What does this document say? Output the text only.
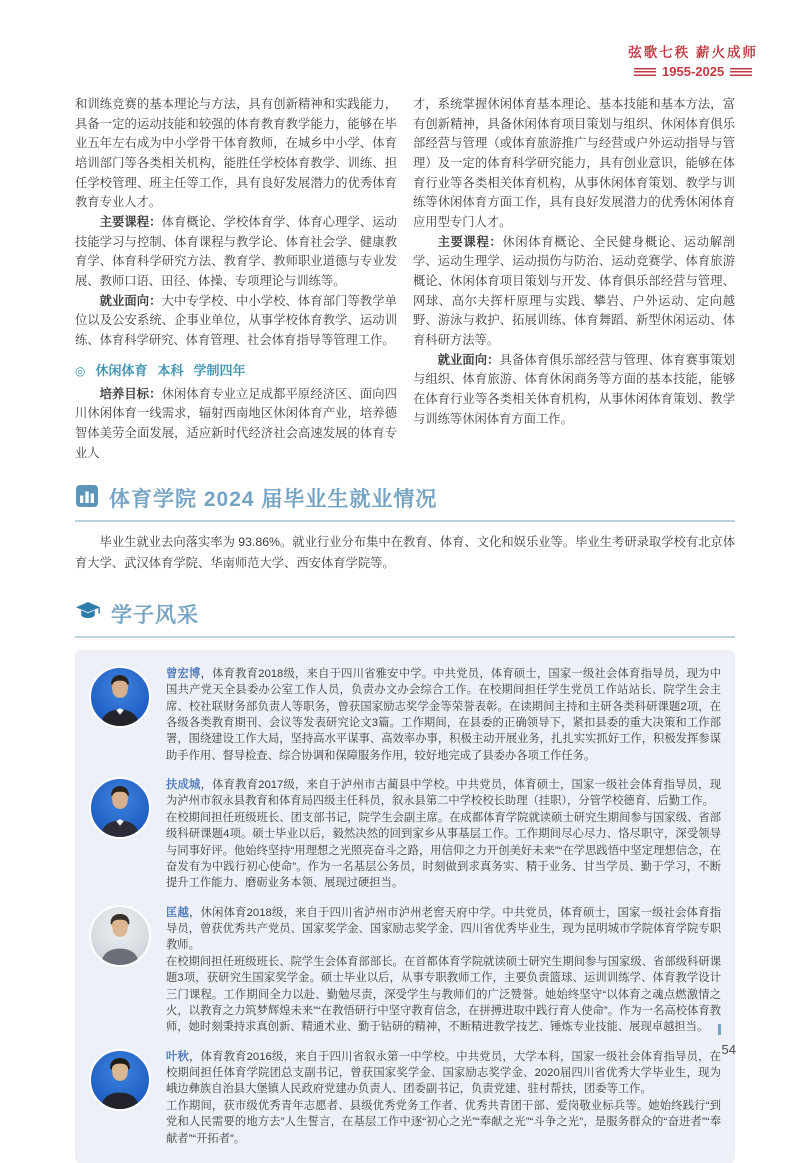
弦歌七秩 薪火成师
1955-2025

和训练竞赛的基本理论与方法，具有创新精神和实践能力，具备一定的运动技能和较强的体育教育教学能力，能够在毕业五年左右成为中小学骨干体育教师，在城乡中小学、体育培训部门等各类相关机构，能胜任学校体育教学、训练、担任学校管理、班主任等工作，具有良好发展潜力的优秀体育教育专业人才。

主要课程：体育概论、学校体育学、体育心理学、运动技能学习与控制、体育课程与教学论、体育社会学、健康教育学、体育科学研究方法、教育学、教师职业道德与专业发展、教师口语、田径、体操、专项理论与训练等。

就业面向：大中专学校、中小学校、体育部门等教学单位以及公安系统、企事业单位，从事学校体育教学、运动训练、体育科学研究、体育管理、社会体育指导等管理工作。

◎ 休闲体育 本科 学制四年

培养目标：休闲体育专业立足成都平原经济区、面向四川休闲体育一线需求，辐射西南地区休闲体育产业，培养德智体美劳全面发展，适应新时代经济社会高速发展的体育专业人

才，系统掌握休闲体育基本理论、基本技能和基本方法，富有创新精神，具备休闲体育项目策划与组织、休闲体育俱乐部经营与管理（或体育旅游推广与经营或户外运动指导与管理）及一定的体育科学研究能力，具有创业意识，能够在体育行业等各类相关体育机构，从事休闲体育策划、教学与训练等休闲体育方面工作，具有良好发展潜力的优秀休闲体育应用型专门人才。

主要课程：休闲体育概论、全民健身概论、运动解剖学、运动生理学、运动损伤与防治、运动竞赛学、体育旅游概论、休闲体育项目策划与开发、体育俱乐部经营与管理、网球、高尔夫挥杆原理与实践、攀岩、户外运动、定向越野、游泳与救护、拓展训练、体育舞蹈、新型休闲运动、体育科研方法等。

就业面向：具备体育俱乐部经营与管理、体育赛事策划与组织、体育旅游、体育休闲商务等方面的基本技能，能够在体育行业等各类相关体育机构，从事休闲体育策划、教学与训练等休闲体育方面工作。

体育学院 2024 届毕业生就业情况

毕业生就业去向落实率为 93.86%。就业行业分布集中在教育、体育、文化和娱乐业等。毕业生考研录取学校有北京体育大学、武汉体育学院、华南师范大学、西安体育学院等。

学子风采

曾宏博，体育教育2018级，来自于四川省雅安中学。中共党员，体育硕士，国家一级社会体育指导员，现为中国共产党天全县委办公室工作人员，负责办文办会综合工作。在校期间担任学生党员工作站站长、院学生会主席、校社联财务部负责人等职务，曾获国家励志奖学金等荣誉表彰。在读期间主持和主研各类科研课题2项，在各级各类教育期刊、会议等发表研究论文3篇。工作期间，在县委的正确领导下，紧扣县委的重大决策和工作部署，围绕建设工作大局，坚持高水平谋事、高效率办事，积极主动开展业务，扎扎实实抓好工作，积极发挥参谋助手作用、督导检查、综合协调和保障服务作用，较好地完成了县委办各项工作任务。

扶成城，体育教育2017级，来自于泸州市古蔺县中学校。中共党员，体育硕士，国家一级社会体育指导员，现为泸州市叙永县教育和体育局四级主任科员，叙永县第二中学校校长助理（挂职），分管学校德育、后勤工作。

在校期间担任班级班长、团支部书记，院学生会副主席。在成都体育学院就读硕士研究生期间参与国家级、省部级科研课题4项。硕士毕业以后，毅然决然的回到家乡从事基层工作。工作期间尽心尽力、恪尽职守，深受领导与同事好评。他始终坚持“用理想之光照亮奋斗之路，用信仰之力开创美好未来”“在学思践悟中坚定理想信念，在奋发有为中践行初心使命”。作为一名基层公务员，时刻做到求真务实、精于业务、甘当学员、勤于学习，不断提升工作能力、磨砺业务本领、展现过硬担当。

匡越，休闲体育2018级，来自于四川省泸州市泸州老窖天府中学。中共党员，体育硕士，国家一级社会体育指导员，曾获优秀共产党员、国家奖学金、国家励志奖学金、四川省优秀毕业生，现为昆明城市学院体育学院专职教师。

在校期间担任班级班长、院学生会体育部部长。在首都体育学院就读硕士研究生期间参与国家级、省部级科研课题3项，获研究生国家奖学金。硕士毕业以后，从事专职教师工作，主要负责篮球、运训训练学、体育教学设计三门课程。工作期间全力以赴、勤勉尽责，深受学生与教师们的广泛赞誉。她始终坚守“以体育之魂点燃激情之火，以教育之力筑梦辉煌未来”“在教悟研行中坚守教育信念，在拼搏进取中践行育人使命”。作为一名高校体育教师，她时刻秉持求真创新、精通术业、勤于钻研的精神，不断精进教学技艺、锤炼专业技能、展现卓越担当。

叶秋，体育教育2016级，来自于四川省叙永第一中学校。中共党员，大学本科，国家一级社会体育指导员，在校期间担任体育学院团总支副书记，曾获国家奖学金、国家励志奖学金、2020届四川省优秀大学毕业生，现为峨边彝族自治县大堡镇人民政府党建办负责人、团委副书记，负责党建、驻村帮扶，团委等工作。

工作期间，获市级优秀青年志愿者、县级优秀党务工作者、优秀共青团干部、爱岗敬业标兵等。她始终践行“到党和人民需要的地方去”人生誓言，在基层工作中逐“初心之光”“奉献之光”“斗争之光”，是服务群众的“奋进者”“奉献者”“开拓者”。

54
